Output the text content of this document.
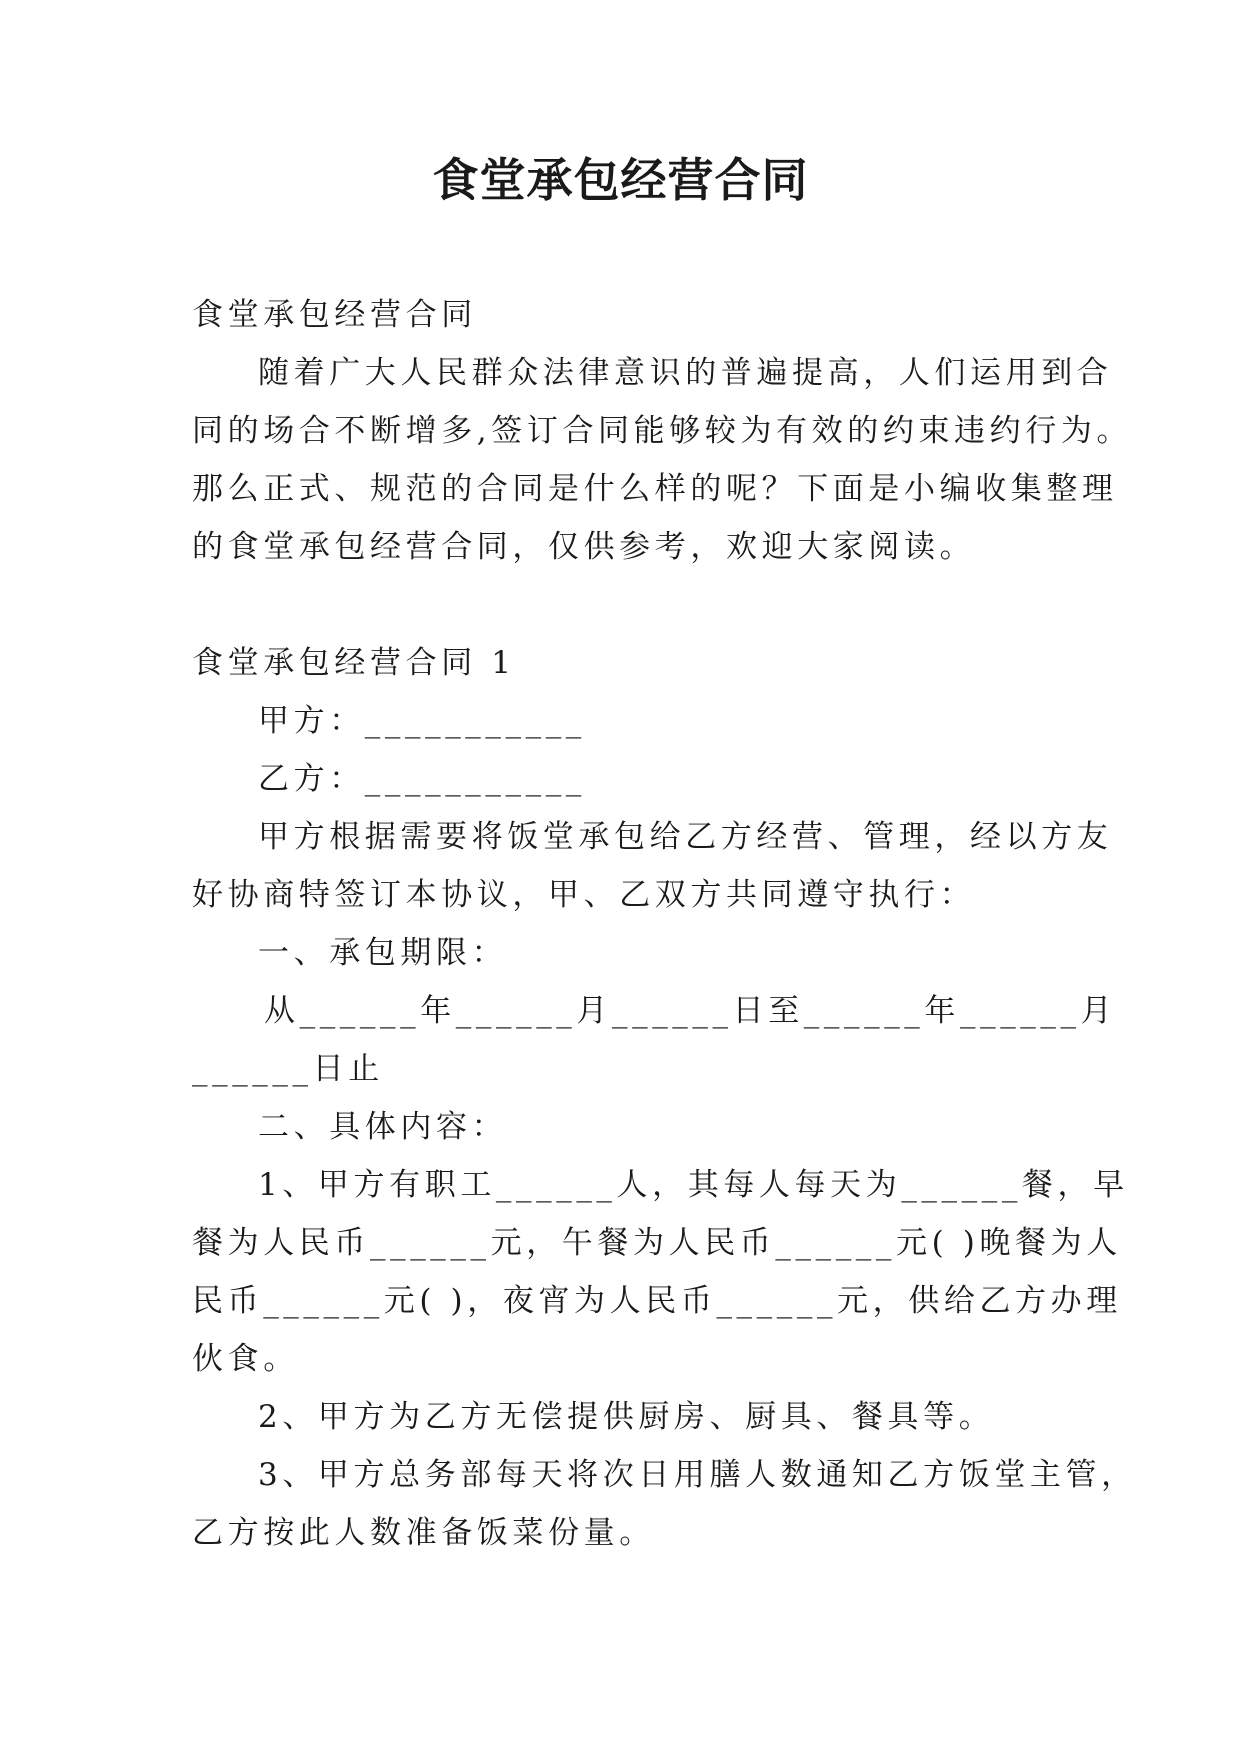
食堂承包经营合同
食堂承包经营合同
随着广大人民群众法律意识的普遍提高，人们运用到合
同的场合不断增多,签订合同能够较为有效的约束违约行为。
那么正式、规范的合同是什么样的呢？下面是小编收集整理
的食堂承包经营合同，仅供参考，欢迎大家阅读。
食堂承包经营合同 1
甲方：___________
乙方：___________
甲方根据需要将饭堂承包给乙方经营、管理，经以方友
好协商特签订本协议，甲、乙双方共同遵守执行：
一、承包期限：
从______年______月______日至______年______月
______日止
二、具体内容：
1、甲方有职工______人，其每人每天为______餐，早
餐为人民币______元，午餐为人民币______元( )晚餐为人
民币______元( )，夜宵为人民币______元，供给乙方办理
伙食。
2、甲方为乙方无偿提供厨房、厨具、餐具等。
3、甲方总务部每天将次日用膳人数通知乙方饭堂主管，
乙方按此人数准备饭菜份量。
